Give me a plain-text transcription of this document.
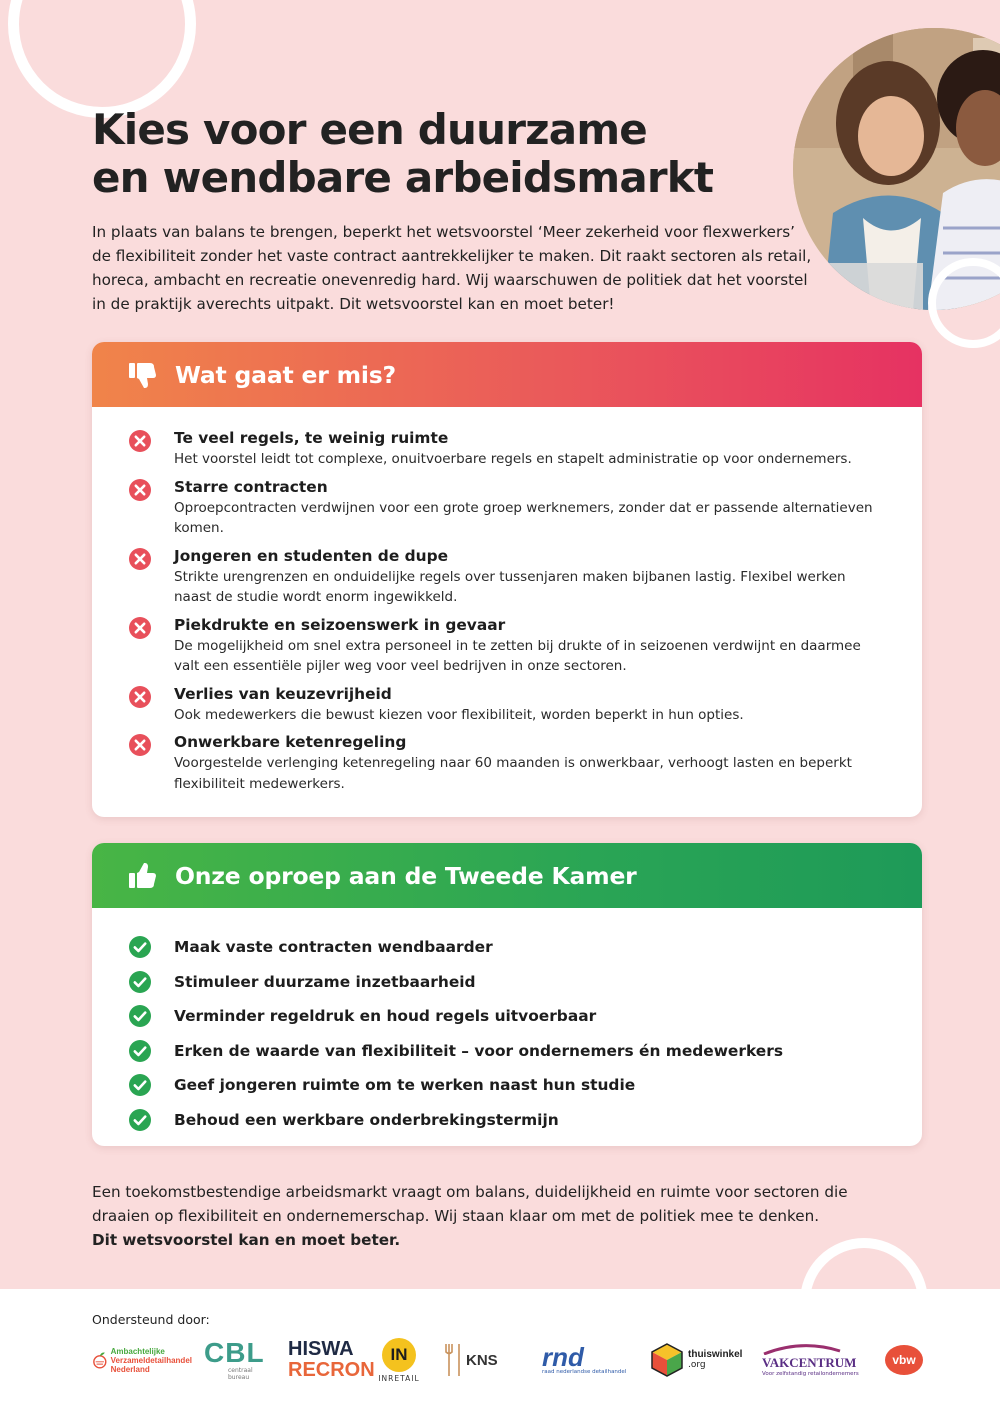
Kies voor een duurzame
en wendbare arbeidsmarkt

In plaats van balans te brengen, beperkt het wetsvoorstel ‘Meer zekerheid voor flexwerkers’ de flexibiliteit zonder het vaste contract aantrekkelijker te maken. Dit raakt sectoren als retail, horeca, ambacht en recreatie onevenredig hard. Wij waarschuwen de politiek dat het voorstel in de praktijk averechts uitpakt. Dit wetsvoorstel kan en moet beter!

Wat gaat er mis?
Te veel regels, te weinig ruimte
Het voorstel leidt tot complexe, onuitvoerbare regels en stapelt administratie op voor ondernemers.
Starre contracten
Oproepcontracten verdwijnen voor een grote groep werknemers, zonder dat er passende alternatieven komen.
Jongeren en studenten de dupe
Strikte urengrenzen en onduidelijke regels over tussenjaren maken bijbanen lastig. Flexibel werken naast de studie wordt enorm ingewikkeld.
Piekdrukte en seizoenswerk in gevaar
De mogelijkheid om snel extra personeel in te zetten bij drukte of in seizoenen verdwijnt en daarmee valt een essentiële pijler weg voor veel bedrijven in onze sectoren.
Verlies van keuzevrijheid
Ook medewerkers die bewust kiezen voor flexibiliteit, worden beperkt in hun opties.
Onwerkbare ketenregeling
Voorgestelde verlenging ketenregeling naar 60 maanden is onwerkbaar, verhoogt lasten en beperkt flexibiliteit medewerkers.
Onze oproep aan de Tweede Kamer
Maak vaste contracten wendbaarder
Stimuleer duurzame inzetbaarheid
Verminder regeldruk en houd regels uitvoerbaar
Erken de waarde van flexibiliteit – voor ondernemers én medewerkers
Geef jongeren ruimte om te werken naast hun studie
Behoud een werkbare onderbrekingstermijn
Een toekomstbestendige arbeidsmarkt vraagt om balans, duidelijkheid en ruimte voor sectoren die draaien op flexibiliteit en ondernemerschap. Wij staan klaar om met de politiek mee te denken.
Dit wetsvoorstel kan en moet beter.
Ondersteund door:
Ambachtelijke
Verzameldetailhandel
Nederland
CBL
centraal bureau
HISWA
RECRON
IN
INRETAIL
KNS rnd
raad nederlandse detailhandel
thuiswinkel
.org	VAKCENTRUM
Voor zelfstandig retailondernemers
vbw
